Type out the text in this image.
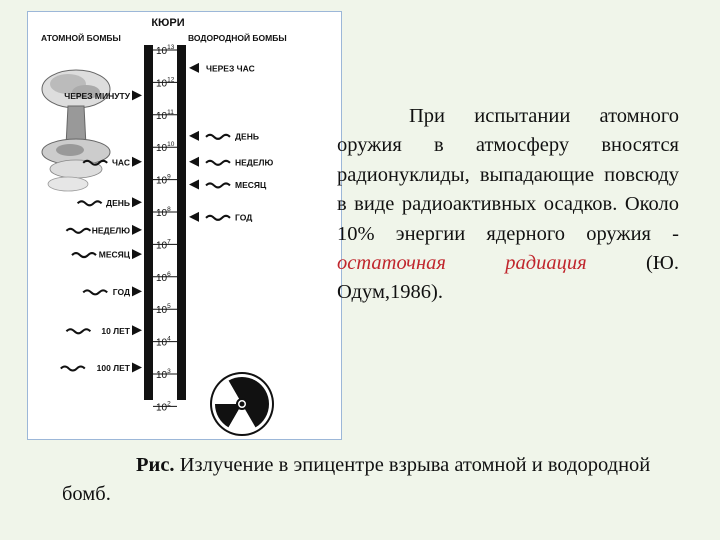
КЮРИ
АТОМНОЙ БОМБЫ	ВОДОРОДНОЙ БОМБЫ
$10^{13}$
$10^{12}$
$10^{11}$
$10^{10}$
$10^9$
$10^8$
$10^7$
$10^6$
$10^5$
$10^4$
$10^3$
$10^2$
ЧЕРЕЗ МИНУТУ
ЧАС
ДЕНЬ
НЕДЕЛЮ
МЕСЯЦ
ГОД
10 ЛЕТ
100 ЛЕТ
ЧЕРЕЗ ЧАС
ДЕНЬ
НЕДЕЛЮ
МЕСЯЦ
ГОД
При испытании атомного оружия в атмосферу вносятся радионуклиды, выпадающие повсюду в виде радиоактивных осадков. Около 10% энергии ядерного оружия - остаточная радиация (Ю. Одум,1986).
Рис. Излучение в эпицентре взрыва атомной и водородной бомб.
